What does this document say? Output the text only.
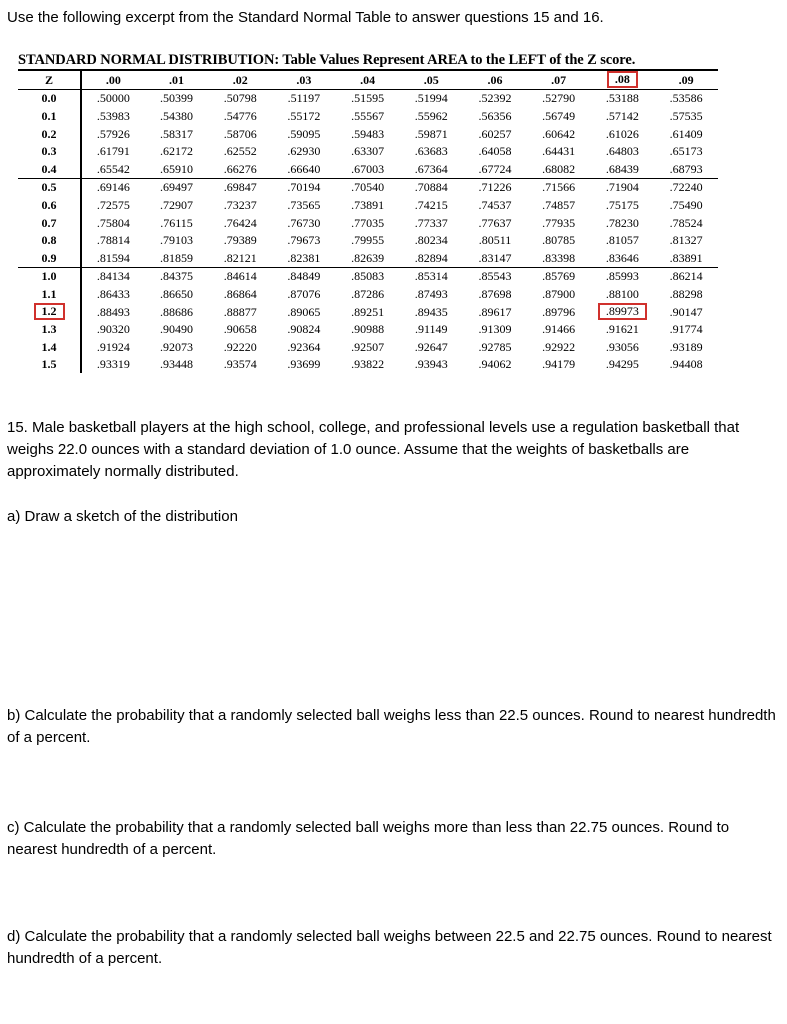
Use the following excerpt from the Standard Normal Table to answer questions 15 and 16.
STANDARD NORMAL DISTRIBUTION: Table Values Represent AREA to the LEFT of the Z score.
Z	.00	.01	.02	.03	.04	.05	.06	.07	.08	.09
0.0	.50000	.50399	.50798	.51197	.51595	.51994	.52392	.52790	.53188	.53586
0.1	.53983	.54380	.54776	.55172	.55567	.55962	.56356	.56749	.57142	.57535
0.2	.57926	.58317	.58706	.59095	.59483	.59871	.60257	.60642	.61026	.61409
0.3	.61791	.62172	.62552	.62930	.63307	.63683	.64058	.64431	.64803	.65173
0.4	.65542	.65910	.66276	.66640	.67003	.67364	.67724	.68082	.68439	.68793
0.5	.69146	.69497	.69847	.70194	.70540	.70884	.71226	.71566	.71904	.72240
0.6	.72575	.72907	.73237	.73565	.73891	.74215	.74537	.74857	.75175	.75490
0.7	.75804	.76115	.76424	.76730	.77035	.77337	.77637	.77935	.78230	.78524
0.8	.78814	.79103	.79389	.79673	.79955	.80234	.80511	.80785	.81057	.81327
0.9	.81594	.81859	.82121	.82381	.82639	.82894	.83147	.83398	.83646	.83891
1.0	.84134	.84375	.84614	.84849	.85083	.85314	.85543	.85769	.85993	.86214
1.1	.86433	.86650	.86864	.87076	.87286	.87493	.87698	.87900	.88100	.88298
1.2	.88493	.88686	.88877	.89065	.89251	.89435	.89617	.89796	.89973	.90147
1.3	.90320	.90490	.90658	.90824	.90988	.91149	.91309	.91466	.91621	.91774
1.4	.91924	.92073	.92220	.92364	.92507	.92647	.92785	.92922	.93056	.93189
1.5	.93319	.93448	.93574	.93699	.93822	.93943	.94062	.94179	.94295	.94408
15. Male basketball players at the high school, college, and professional levels use a regulation basketball that weighs 22.0 ounces with a standard deviation of 1.0 ounce. Assume that the weights of basketballs are approximately normally distributed.
a) Draw a sketch of the distribution
b) Calculate the probability that a randomly selected ball weighs less than 22.5 ounces. Round to nearest hundredth of a percent.
c) Calculate the probability that a randomly selected ball weighs more than less than 22.75 ounces. Round to nearest hundredth of a percent.
d) Calculate the probability that a randomly selected ball weighs between 22.5 and 22.75 ounces. Round to nearest hundredth of a percent.
